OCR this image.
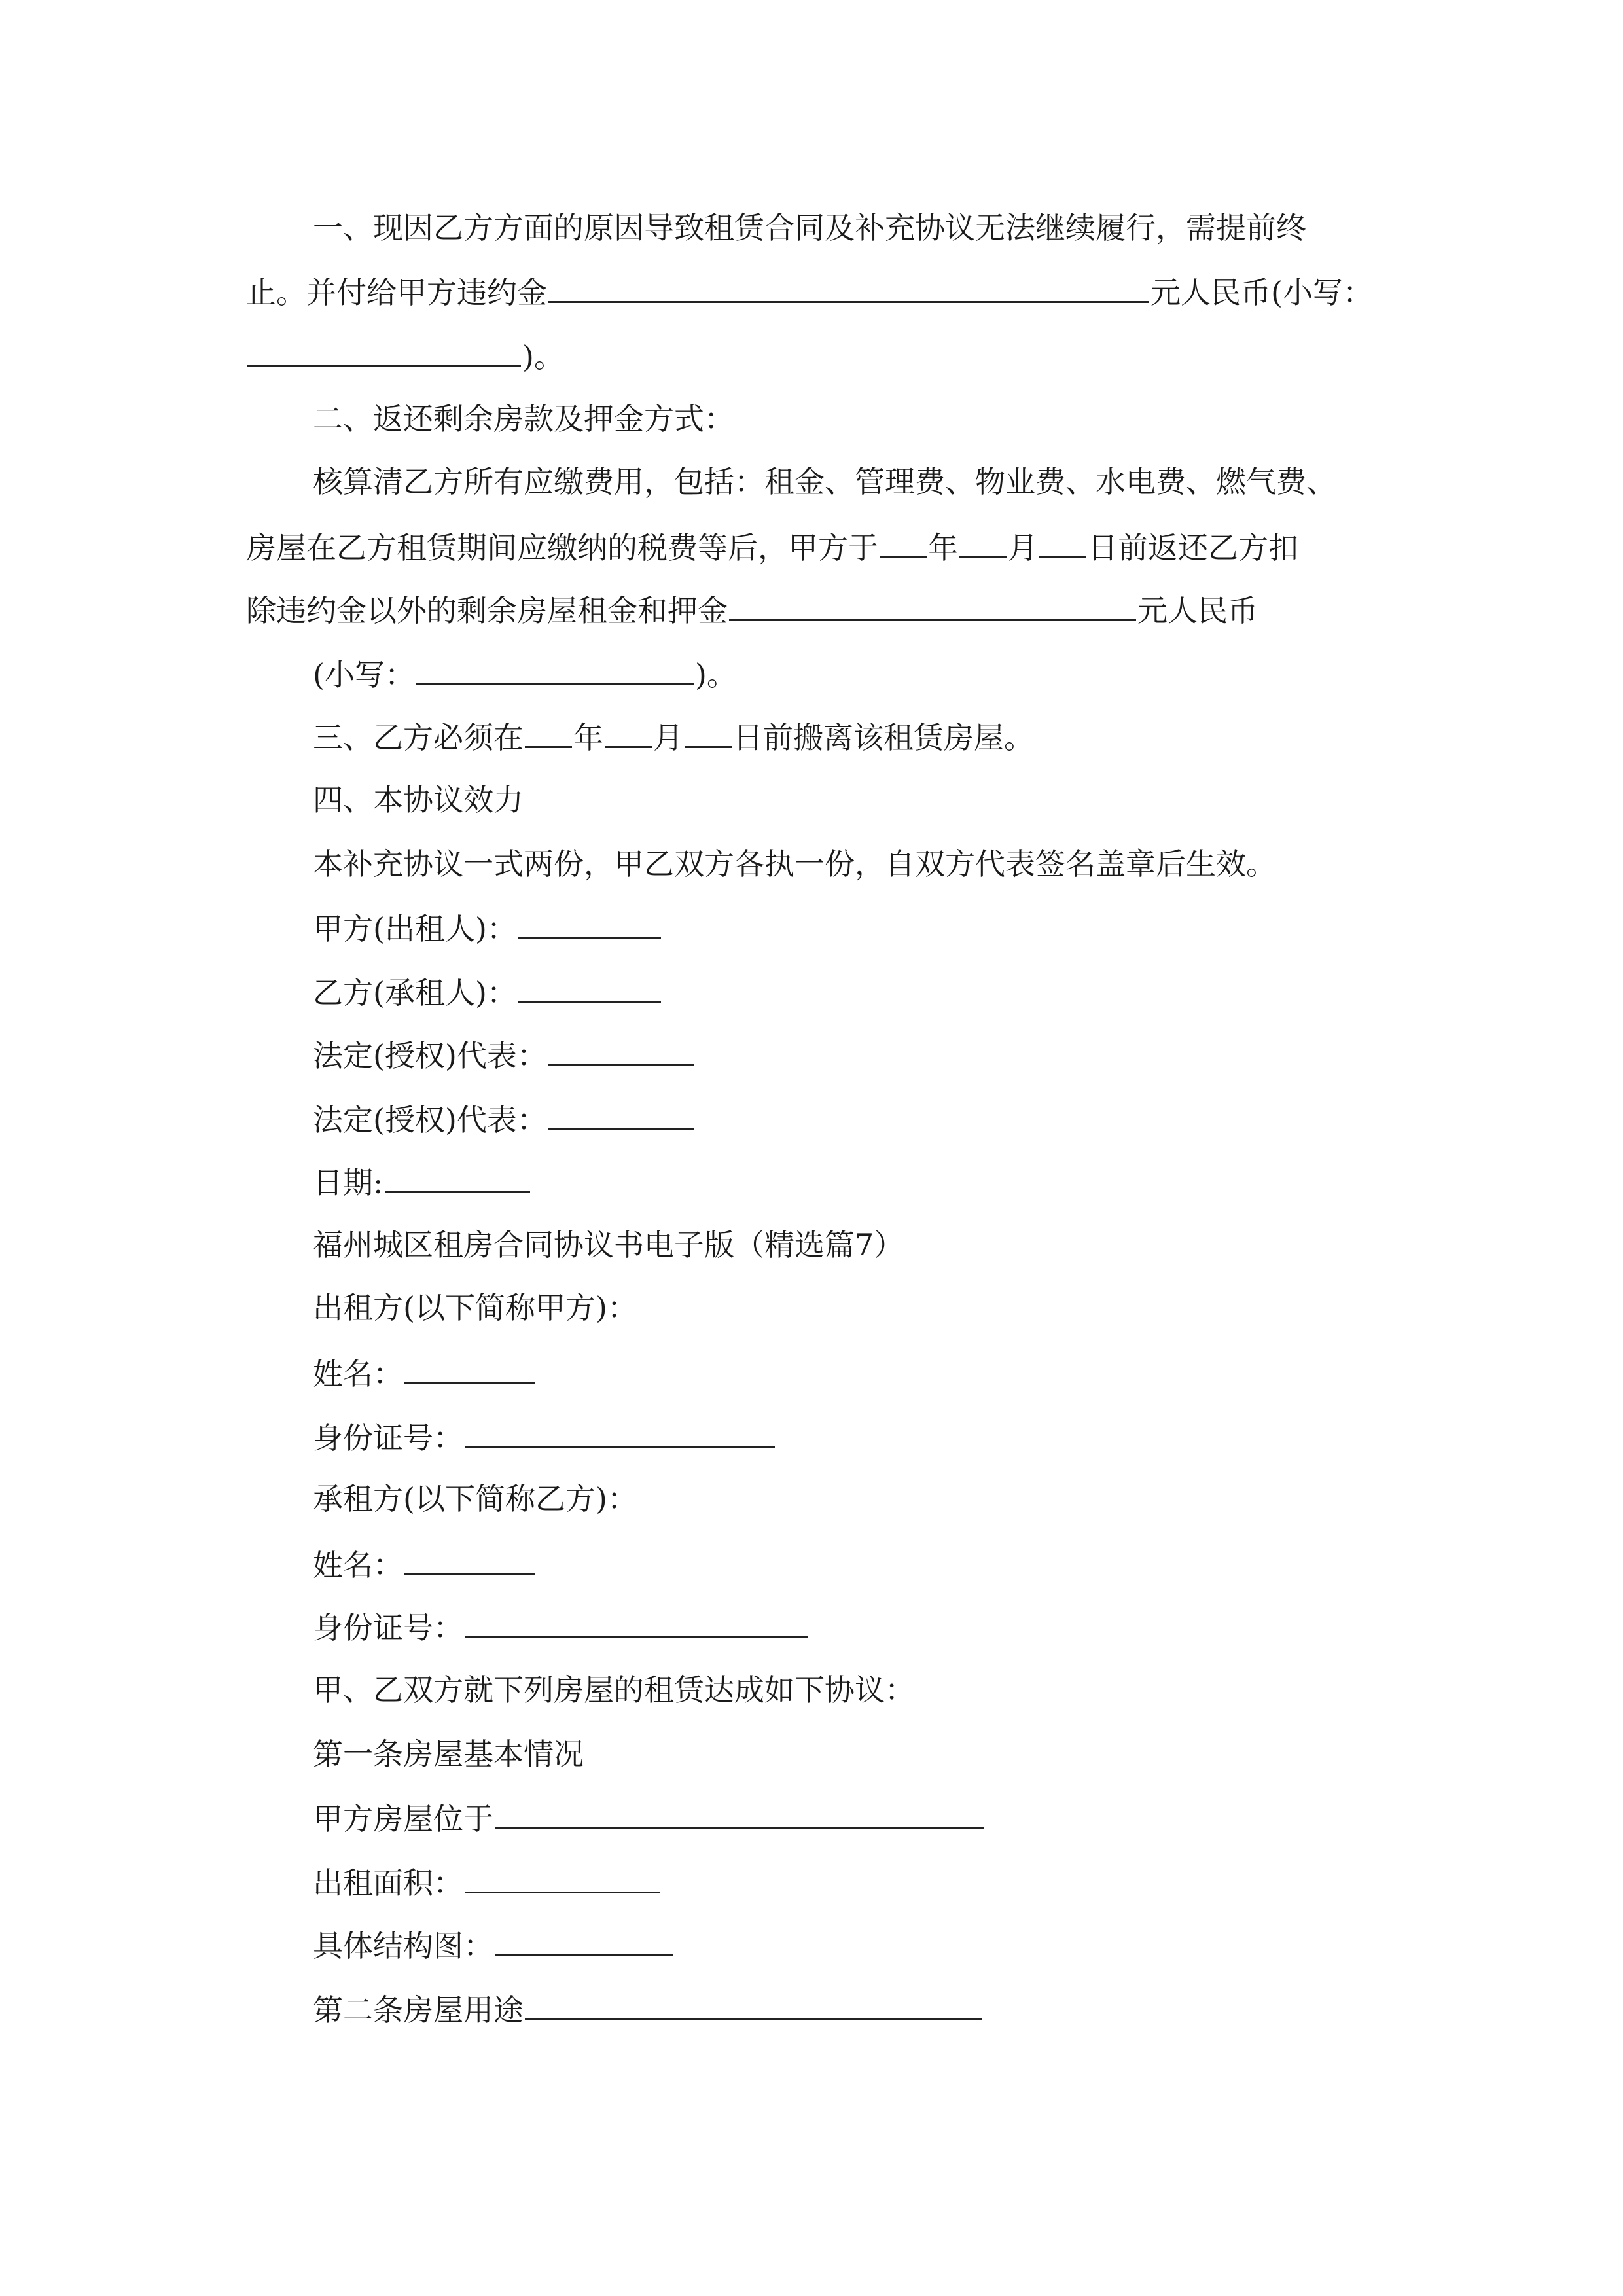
一、现因乙方方面的原因导致租赁合同及补充协议无法继续履行，需提前终
止。并付给甲方违约金	元人民币(小写：
)。
二、返还剩余房款及押金方式：
核算清乙方所有应缴费用，包括：租金、管理费、物业费、水电费、燃气费、
房屋在乙方租赁期间应缴纳的税费等后，甲方于 年 月 日前返还乙方扣
除违约金以外的剩余房屋租金和押金	元人民币
(小写：	)。
三、乙方必须在 年 月 日前搬离该租赁房屋。
四、本协议效力
本补充协议一式两份，甲乙双方各执一份，自双方代表签名盖章后生效。
甲方(出租人)：
乙方(承租人)：
法定(授权)代表：
法定(授权)代表：
日期:
福州城区租房合同协议书电子版（精选篇7）
出租方(以下简称甲方)：
姓名：
身份证号：
承租方(以下简称乙方)：
姓名：
身份证号：
甲、乙双方就下列房屋的租赁达成如下协议：
第一条房屋基本情况
甲方房屋位于
出租面积：
具体结构图：
第二条房屋用途
